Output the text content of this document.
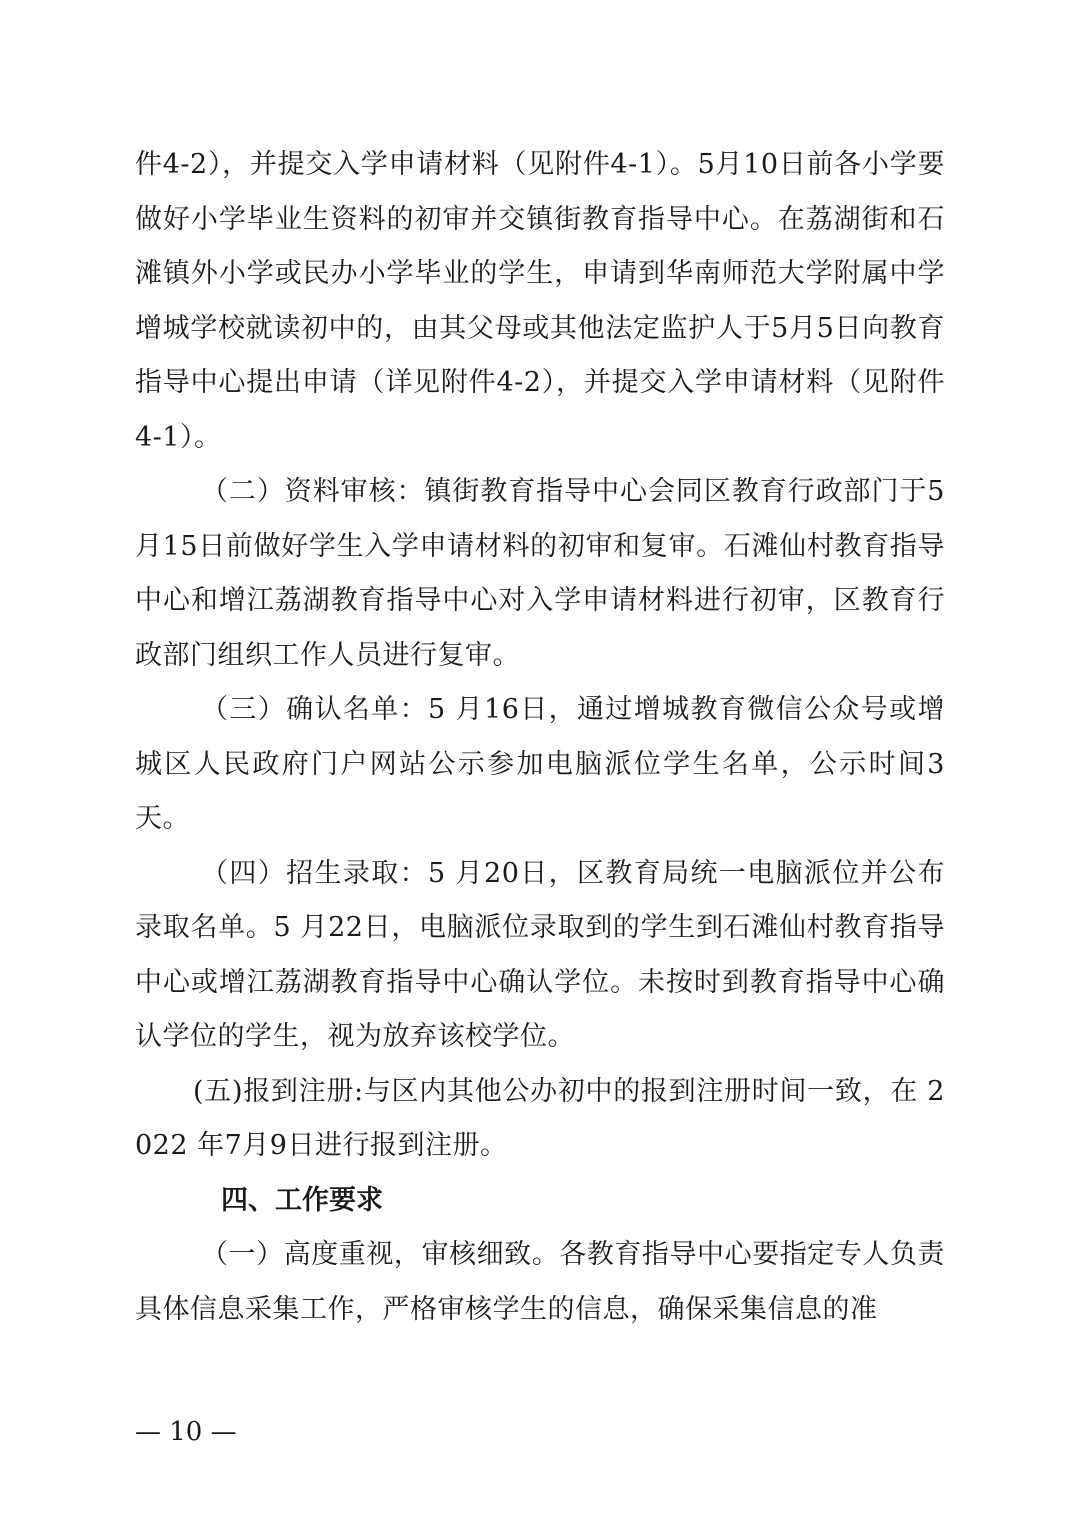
件4-2），并提交入学申请材料（见附件4-1）。5月10日前各小学要做好小学毕业生资料的初审并交镇街教育指导中心。在荔湖街和石滩镇外小学或民办小学毕业的学生，申请到华南师范大学附属中学增城学校就读初中的，由其父母或其他法定监护人于5月5日向教育指导中心提出申请（详见附件4-2），并提交入学申请材料（见附件4-1）。

（二）资料审核：镇街教育指导中心会同区教育行政部门于5月15日前做好学生入学申请材料的初审和复审。石滩仙村教育指导中心和增江荔湖教育指导中心对入学申请材料进行初审，区教育行政部门组织工作人员进行复审。

（三）确认名单：5 月16日，通过增城教育微信公众号或增城区人民政府门户网站公示参加电脑派位学生名单，公示时间3 天。

（四）招生录取：5 月20日，区教育局统一电脑派位并公布录取名单。5 月22日，电脑派位录取到的学生到石滩仙村教育指导中心或增江荔湖教育指导中心确认学位。未按时到教育指导中心确认学位的学生，视为放弃该校学位。

(五)报到注册:与区内其他公办初中的报到注册时间一致，在 2022 年7月9日进行报到注册。

四、工作要求

（一）高度重视，审核细致。各教育指导中心要指定专人负责具体信息采集工作，严格审核学生的信息，确保采集信息的准

— 10 —
